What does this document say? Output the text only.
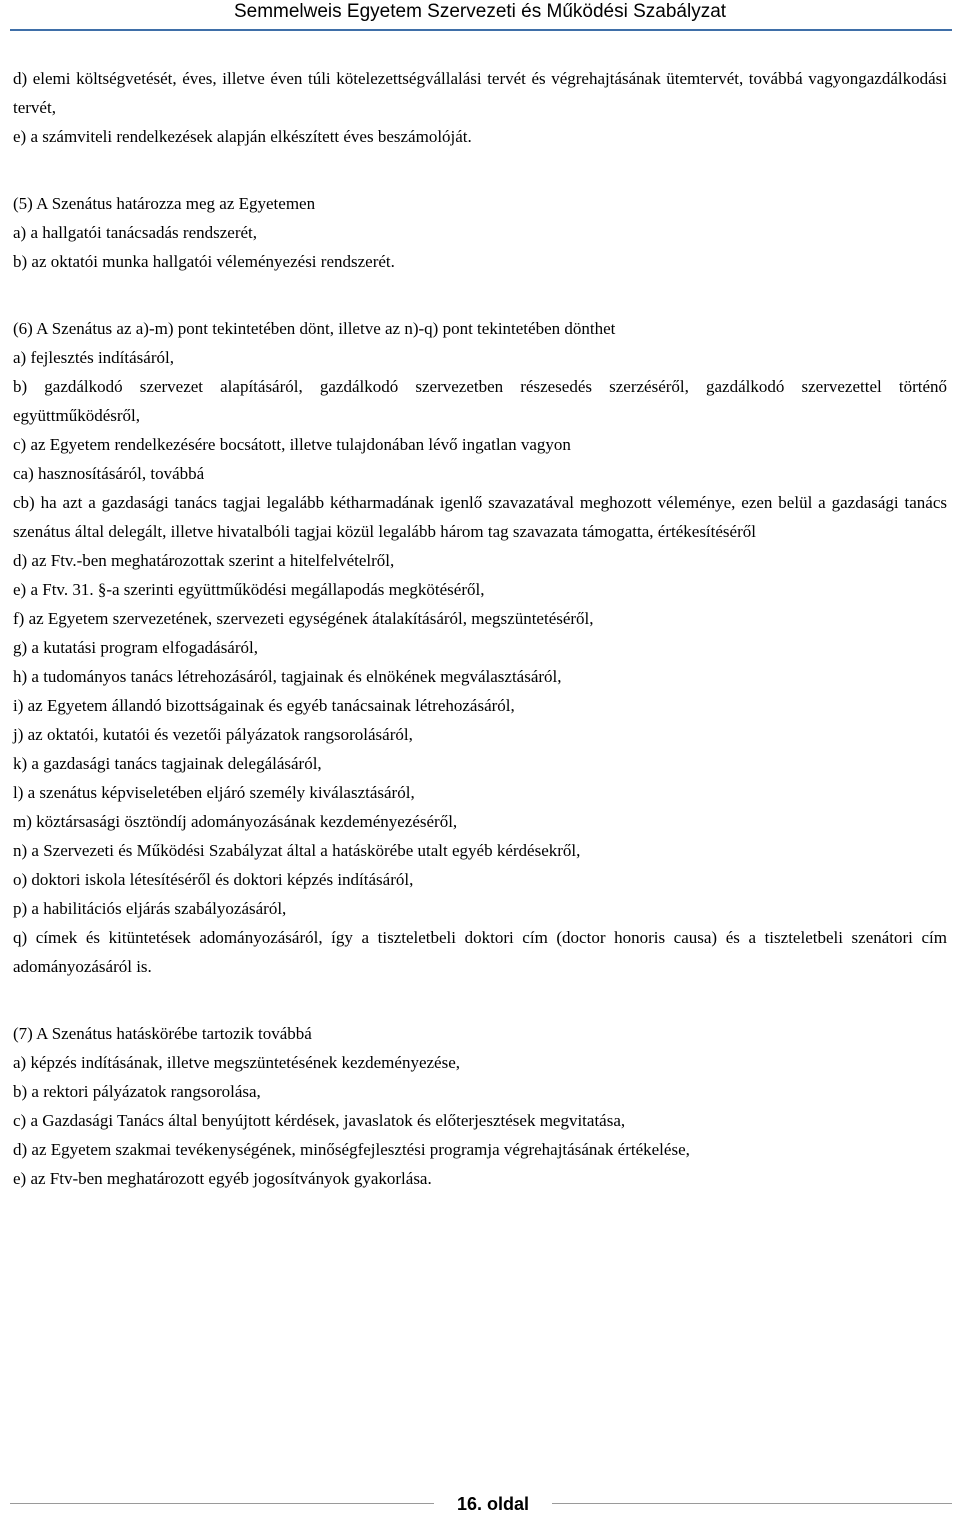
Semmelweis Egyetem Szervezeti és Működési Szabályzat

d) elemi költségvetését, éves, illetve éven túli kötelezettségvállalási tervét és végrehajtásának ütemtervét, továbbá vagyongazdálkodási tervét,

e) a számviteli rendelkezések alapján elkészített éves beszámolóját.

(5) A Szenátus határozza meg az Egyetemen

a) a hallgatói tanácsadás rendszerét,

b) az oktatói munka hallgatói véleményezési rendszerét.

(6) A Szenátus az a)-m) pont tekintetében dönt, illetve az n)-q) pont tekintetében dönthet

a) fejlesztés indításáról,

b) gazdálkodó szervezet alapításáról, gazdálkodó szervezetben részesedés szerzéséről, gazdálkodó szervezettel történő együttműködésről,

c) az Egyetem rendelkezésére bocsátott, illetve tulajdonában lévő ingatlan vagyon

ca) hasznosításáról, továbbá

cb) ha azt a gazdasági tanács tagjai legalább kétharmadának igenlő szavazatával meghozott véleménye, ezen belül a gazdasági tanács szenátus által delegált, illetve hivatalbóli tagjai közül legalább három tag szavazata támogatta, értékesítéséről

d) az Ftv.-ben meghatározottak szerint a hitelfelvételről,

e) a Ftv. 31. §-a szerinti együttműködési megállapodás megkötéséről,

f) az Egyetem szervezetének, szervezeti egységének átalakításáról, megszüntetéséről,

g) a kutatási program elfogadásáról,

h) a tudományos tanács létrehozásáról, tagjainak és elnökének megválasztásáról,

i) az Egyetem állandó bizottságainak és egyéb tanácsainak létrehozásáról,

j) az oktatói, kutatói és vezetői pályázatok rangsorolásáról,

k) a gazdasági tanács tagjainak delegálásáról,

l) a szenátus képviseletében eljáró személy kiválasztásáról,

m) köztársasági ösztöndíj adományozásának kezdeményezéséről,

n) a Szervezeti és Működési Szabályzat által a hatáskörébe utalt egyéb kérdésekről,

o) doktori iskola létesítéséről és doktori képzés indításáról,

p) a habilitációs eljárás szabályozásáról,

q) címek és kitüntetések adományozásáról, így a tiszteletbeli doktori cím (doctor honoris causa) és a tiszteletbeli szenátori cím adományozásáról is.

(7) A Szenátus hatáskörébe tartozik továbbá

a) képzés indításának, illetve megszüntetésének kezdeményezése,

b) a rektori pályázatok rangsorolása,

c) a Gazdasági Tanács által benyújtott kérdések, javaslatok és előterjesztések megvitatása,

d) az Egyetem szakmai tevékenységének, minőségfejlesztési programja végrehajtásának értékelése,

e) az Ftv-ben meghatározott egyéb jogosítványok gyakorlása.

16. oldal
